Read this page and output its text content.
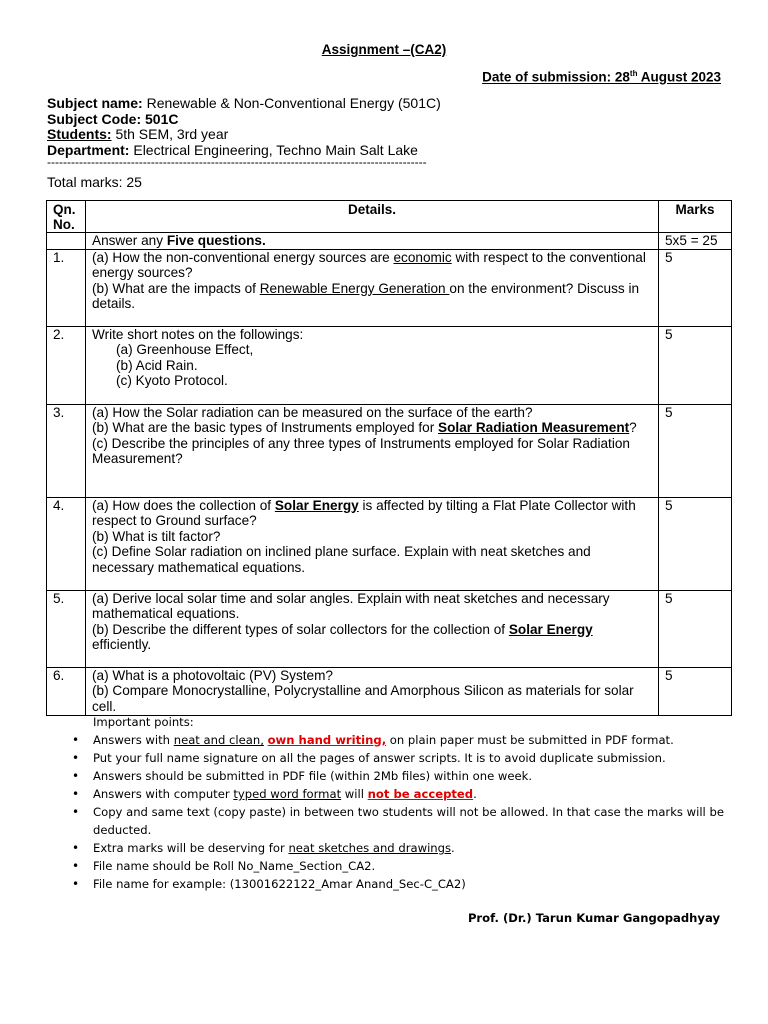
Assignment –(CA2)
Date of submission: 28th August 2023
Subject name: Renewable & Non-Conventional Energy (501C)
Subject Code: 501C
Students: 5th SEM, 3rd year
Department: Electrical Engineering, Techno Main Salt Lake
-----------------------------------------------------------------------------------------------
Total marks: 25
Qn.
No.	Details.	Marks
	Answer any Five questions.	5x5 = 25
1.	(a) How the non-conventional energy sources are economic with respect to the conventional energy sources?
(b) What are the impacts of Renewable Energy Generation on the environment? Discuss in details.	5
2.	Write short notes on the followings:
(a) Greenhouse Effect,
(b) Acid Rain.
(c) Kyoto Protocol.	5
3.	(a) How the Solar radiation can be measured on the surface of the earth?
(b) What are the basic types of Instruments employed for Solar Radiation Measurement?
(c) Describe the principles of any three types of Instruments employed for Solar Radiation Measurement?	5
4.	(a) How does the collection of Solar Energy is affected by tilting a Flat Plate Collector with respect to Ground surface?
(b) What is tilt factor?
(c) Define Solar radiation on inclined plane surface. Explain with neat sketches and necessary mathematical equations.	5
5.	(a) Derive local solar time and solar angles. Explain with neat sketches and necessary mathematical equations.
(b) Describe the different types of solar collectors for the collection of Solar Energy efficiently.	5
6.	(a) What is a photovoltaic (PV) System?
(b) Compare Monocrystalline, Polycrystalline and Amorphous Silicon as materials for solar cell.	5
Important points:
• Answers with neat and clean, own hand writing, on plain paper must be submitted in PDF format.
• Put your full name signature on all the pages of answer scripts. It is to avoid duplicate submission.
• Answers should be submitted in PDF file (within 2Mb files) within one week.
• Answers with computer typed word format will not be accepted.
• Copy and same text (copy paste) in between two students will not be allowed. In that case the marks will be deducted.
• Extra marks will be deserving for neat sketches and drawings.
• File name should be Roll No_Name_Section_CA2.
• File name for example: (13001622122_Amar Anand_Sec-C_CA2)
Prof. (Dr.) Tarun Kumar Gangopadhyay
